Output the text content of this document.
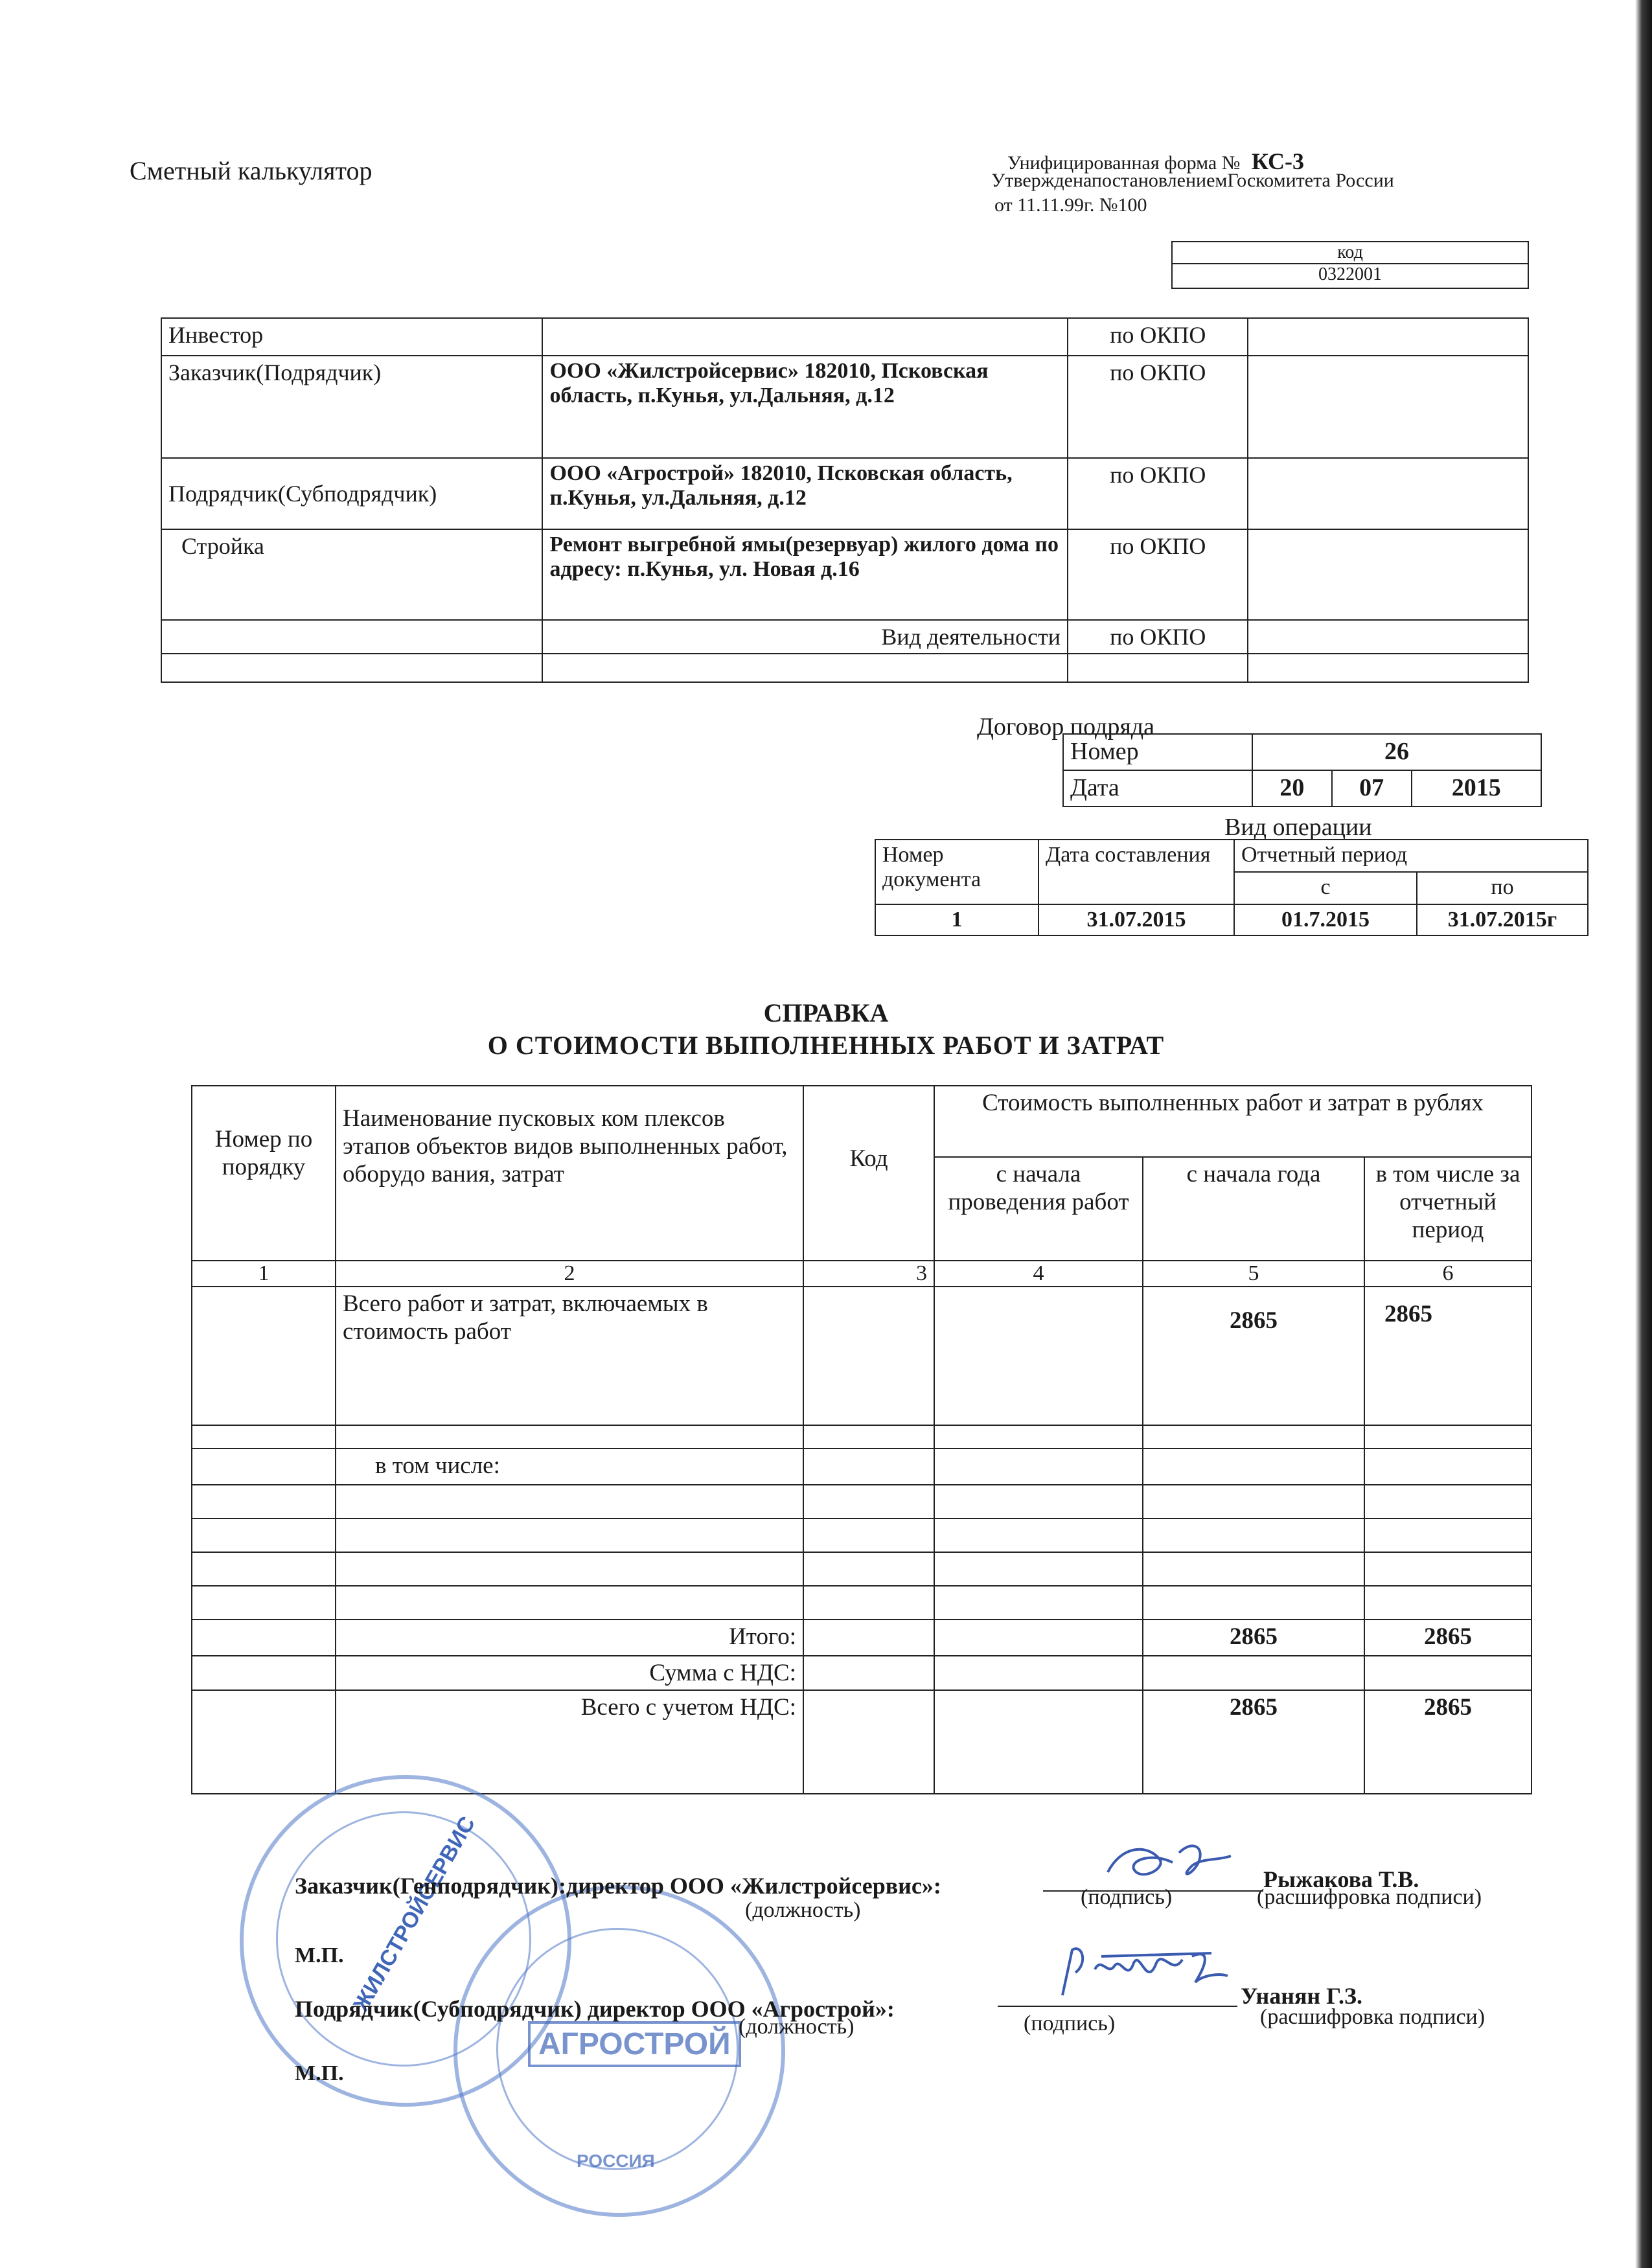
Сметный калькулятор	Унифицированная форма № КС-3
УтвержденапостановлениемГоскомитета России
от 11.11.99г. №100
код
0322001
Инвестор		по ОКПО	
Заказчик(Подрядчик)	ООО «Жилстройсервис» 182010, Псковская область, п.Кунья, ул.Дальняя, д.12	по ОКПО	
Подрядчик(Субподрядчик)	ООО «Агрострой» 182010, Псковская область, п.Кунья, ул.Дальняя, д.12	по ОКПО	
Стройка	Ремонт выгребной ямы(резервуар) жилого дома по адресу: п.Кунья, ул. Новая д.16	по ОКПО	
	Вид деятельности	по ОКПО	

Договор подряда
Номер	26		
Дата	20	07	2015
Вид операции
Номер документа	Дата составления	Отчетный период	
		с	по
1	31.07.2015	01.7.2015	31.07.2015г
СПРАВКА
О СТОИМОСТИ ВЫПОЛНЕННЫХ РАБОТ И ЗАТРАТ
Номер по порядку	Наименование пусковых ком плексов этапов объектов видов выполненных работ, оборудо вания, затрат	Код	Стоимость выполненных работ и затрат в рублях		
			с начала проведения работ	с начала года	в том числе за отчетный период
1	2	3	4	5	6
	Всего работ и затрат, включаемых в стоимость работ			2865	2865

	в том числе:				

	Итого:			2865	2865
	Сумма с НДС:				
	Всего с учетом НДС:			2865	2865
ЖИЛСТРОЙСЕРВИС
АГРОСТРОЙ
РОССИЯ
Заказчик(Генподрядчик):директор ООО «Жилстройсервис»:	Рыжакова Т.В.
(должность)
(подпись)	(расшифровка подписи)
М.П.
Подрядчик(Субподрядчик) директор ООО «Агрострой»:	Унанян Г.З.
(должность)	(подпись)	(расшифровка подписи)
М.П.
